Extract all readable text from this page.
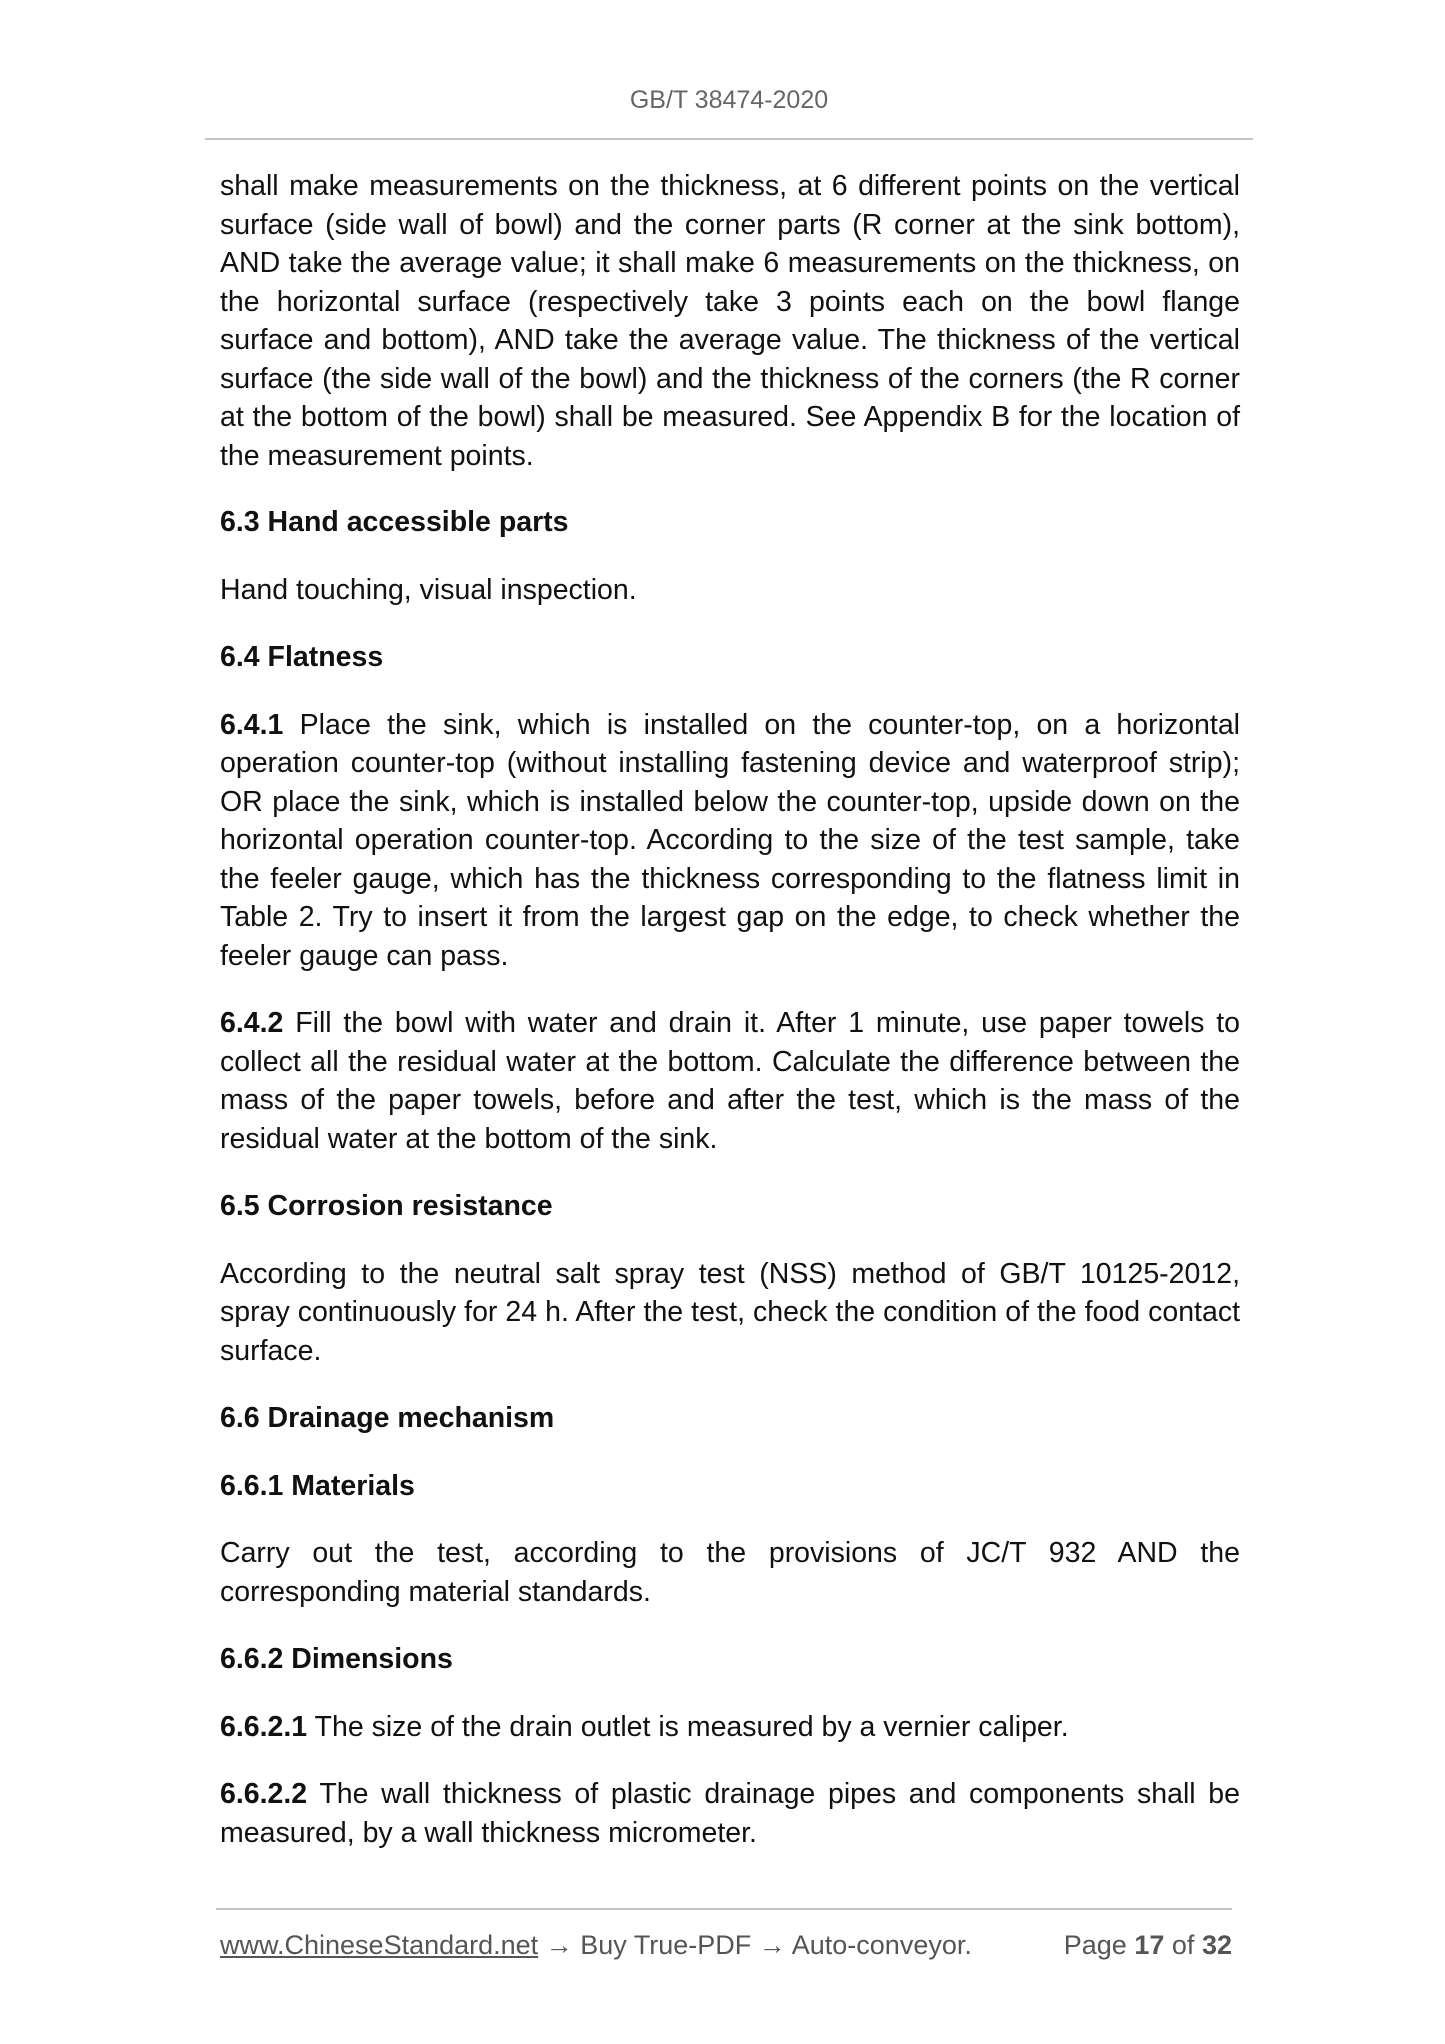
GB/T 38474-2020

shall make measurements on the thickness, at 6 different points on the vertical surface (side wall of bowl) and the corner parts (R corner at the sink bottom), AND take the average value; it shall make 6 measurements on the thickness, on the horizontal surface (respectively take 3 points each on the bowl flange surface and bottom), AND take the average value. The thickness of the vertical surface (the side wall of the bowl) and the thickness of the corners (the R corner at the bottom of the bowl) shall be measured. See Appendix B for the location of the measurement points.

6.3 Hand accessible parts

Hand touching, visual inspection.

6.4 Flatness

6.4.1 Place the sink, which is installed on the counter-top, on a horizontal operation counter-top (without installing fastening device and waterproof strip); OR place the sink, which is installed below the counter-top, upside down on the horizontal operation counter-top. According to the size of the test sample, take the feeler gauge, which has the thickness corresponding to the flatness limit in Table 2. Try to insert it from the largest gap on the edge, to check whether the feeler gauge can pass.

6.4.2 Fill the bowl with water and drain it. After 1 minute, use paper towels to collect all the residual water at the bottom. Calculate the difference between the mass of the paper towels, before and after the test, which is the mass of the residual water at the bottom of the sink.

6.5 Corrosion resistance

According to the neutral salt spray test (NSS) method of GB/T 10125-2012, spray continuously for 24 h. After the test, check the condition of the food contact surface.

6.6 Drainage mechanism

6.6.1 Materials

Carry out the test, according to the provisions of JC/T 932 AND the corresponding material standards.

6.6.2 Dimensions

6.6.2.1 The size of the drain outlet is measured by a vernier caliper.

6.6.2.2 The wall thickness of plastic drainage pipes and components shall be measured, by a wall thickness micrometer.

www.ChineseStandard.net → Buy True-PDF → Auto-conveyor.	Page 17 of 32
